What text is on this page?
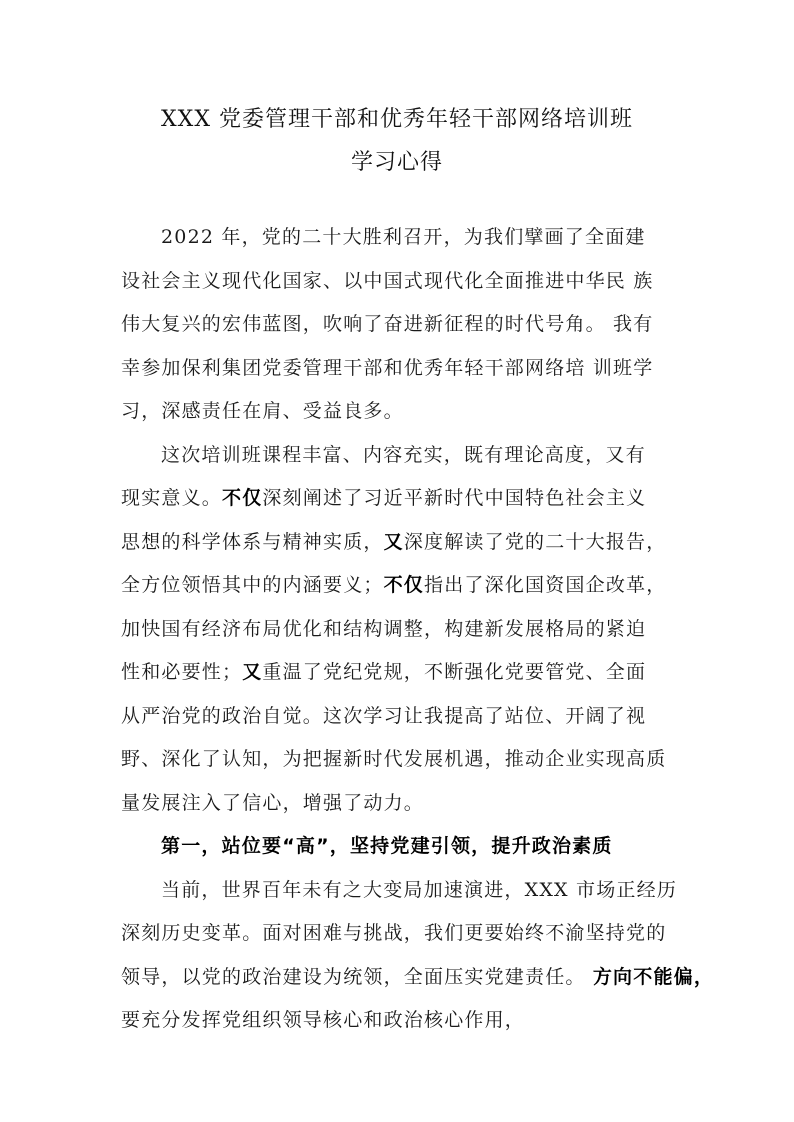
XXX 党委管理干部和优秀年轻干部网络培训班
学习心得
2022 年，党的二十大胜利召开，为我们擘画了全面建
设社会主义现代化国家、以中国式现代化全面推进中华民 族
伟大复兴的宏伟蓝图，吹响了奋进新征程的时代号角。 我有
幸参加保利集团党委管理干部和优秀年轻干部网络培 训班学
习，深感责任在肩、受益良多。
这次培训班课程丰富、内容充实，既有理论高度，又有
现实意义。不仅深刻阐述了习近平新时代中国特色社会主义
思想的科学体系与精神实质，又深度解读了党的二十大报告，
全方位领悟其中的内涵要义；不仅指出了深化国资国企改革，
加快国有经济布局优化和结构调整，构建新发展格局的紧迫
性和必要性；又重温了党纪党规，不断强化党要管党、全面
从严治党的政治自觉。这次学习让我提高了站位、开阔了视
野、深化了认知，为把握新时代发展机遇，推动企业实现高质
量发展注入了信心，增强了动力。
第一，站位要“高”，坚持党建引领，提升政治素质
当前，世界百年未有之大变局加速演进，XXX 市场正经历
深刻历史变革。面对困难与挑战，我们更要始终不渝坚持党的
领导，以党的政治建设为统领，全面压实党建责任。 方向不能偏，
要充分发挥党组织领导核心和政治核心作用，
